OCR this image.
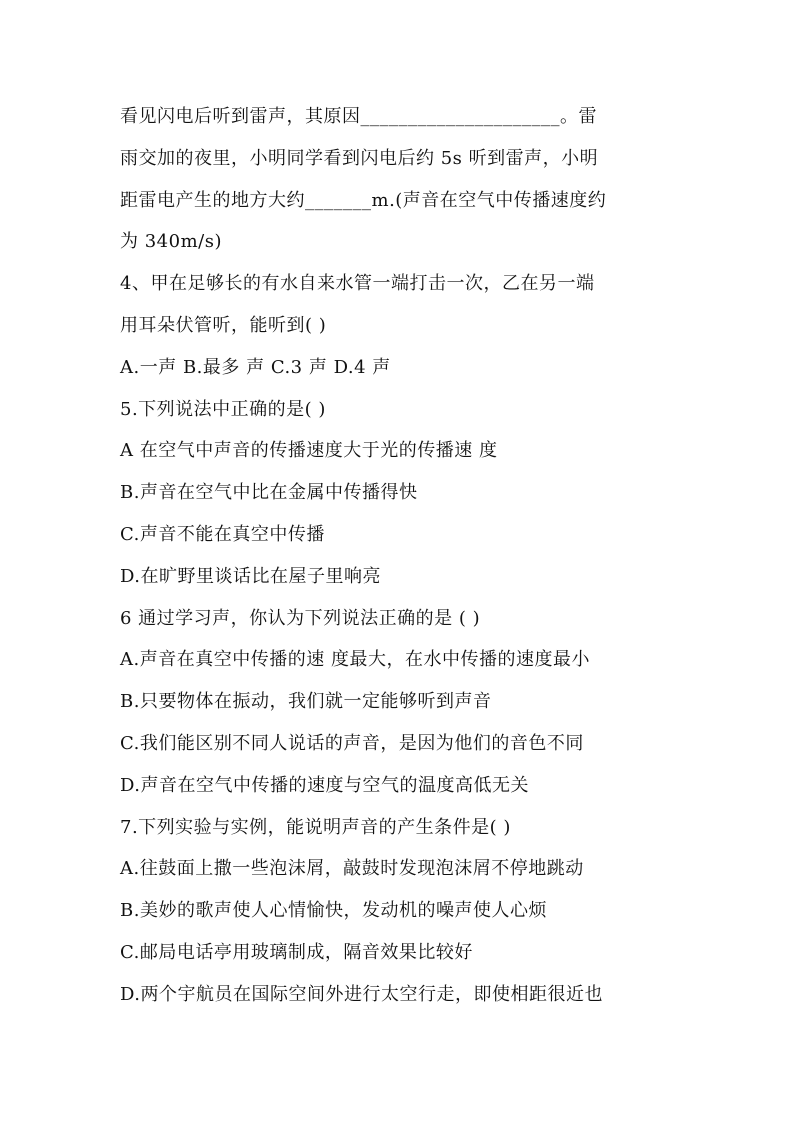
看见闪电后听到雷声，其原因_____________________。雷
雨交加的夜里，小明同学看到闪电后约 5s 听到雷声，小明
距雷电产生的地方大约_______m.(声音在空气中传播速度约
为 340m/s)
4、甲在足够长的有水自来水管一端打击一次，乙在另一端
用耳朵伏管听，能听到( )
A.一声 B.最多 声 C.3 声 D.4 声
5.下列说法中正确的是( )
A 在空气中声音的传播速度大于光的传播速 度
B.声音在空气中比在金属中传播得快
C.声音不能在真空中传播
D.在旷野里谈话比在屋子里响亮
6 通过学习声，你认为下列说法正确的是 ( )
A.声音在真空中传播的速 度最大，在水中传播的速度最小
B.只要物体在振动，我们就一定能够听到声音
C.我们能区别不同人说话的声音，是因为他们的音色不同
D.声音在空气中传播的速度与空气的温度高低无关
7.下列实验与实例，能说明声音的产生条件是( )
A.往鼓面上撒一些泡沫屑，敲鼓时发现泡沫屑不停地跳动
B.美妙的歌声使人心情愉快，发动机的噪声使人心烦
C.邮局电话亭用玻璃制成，隔音效果比较好
D.两个宇航员在国际空间外进行太空行走，即使相距很近也
